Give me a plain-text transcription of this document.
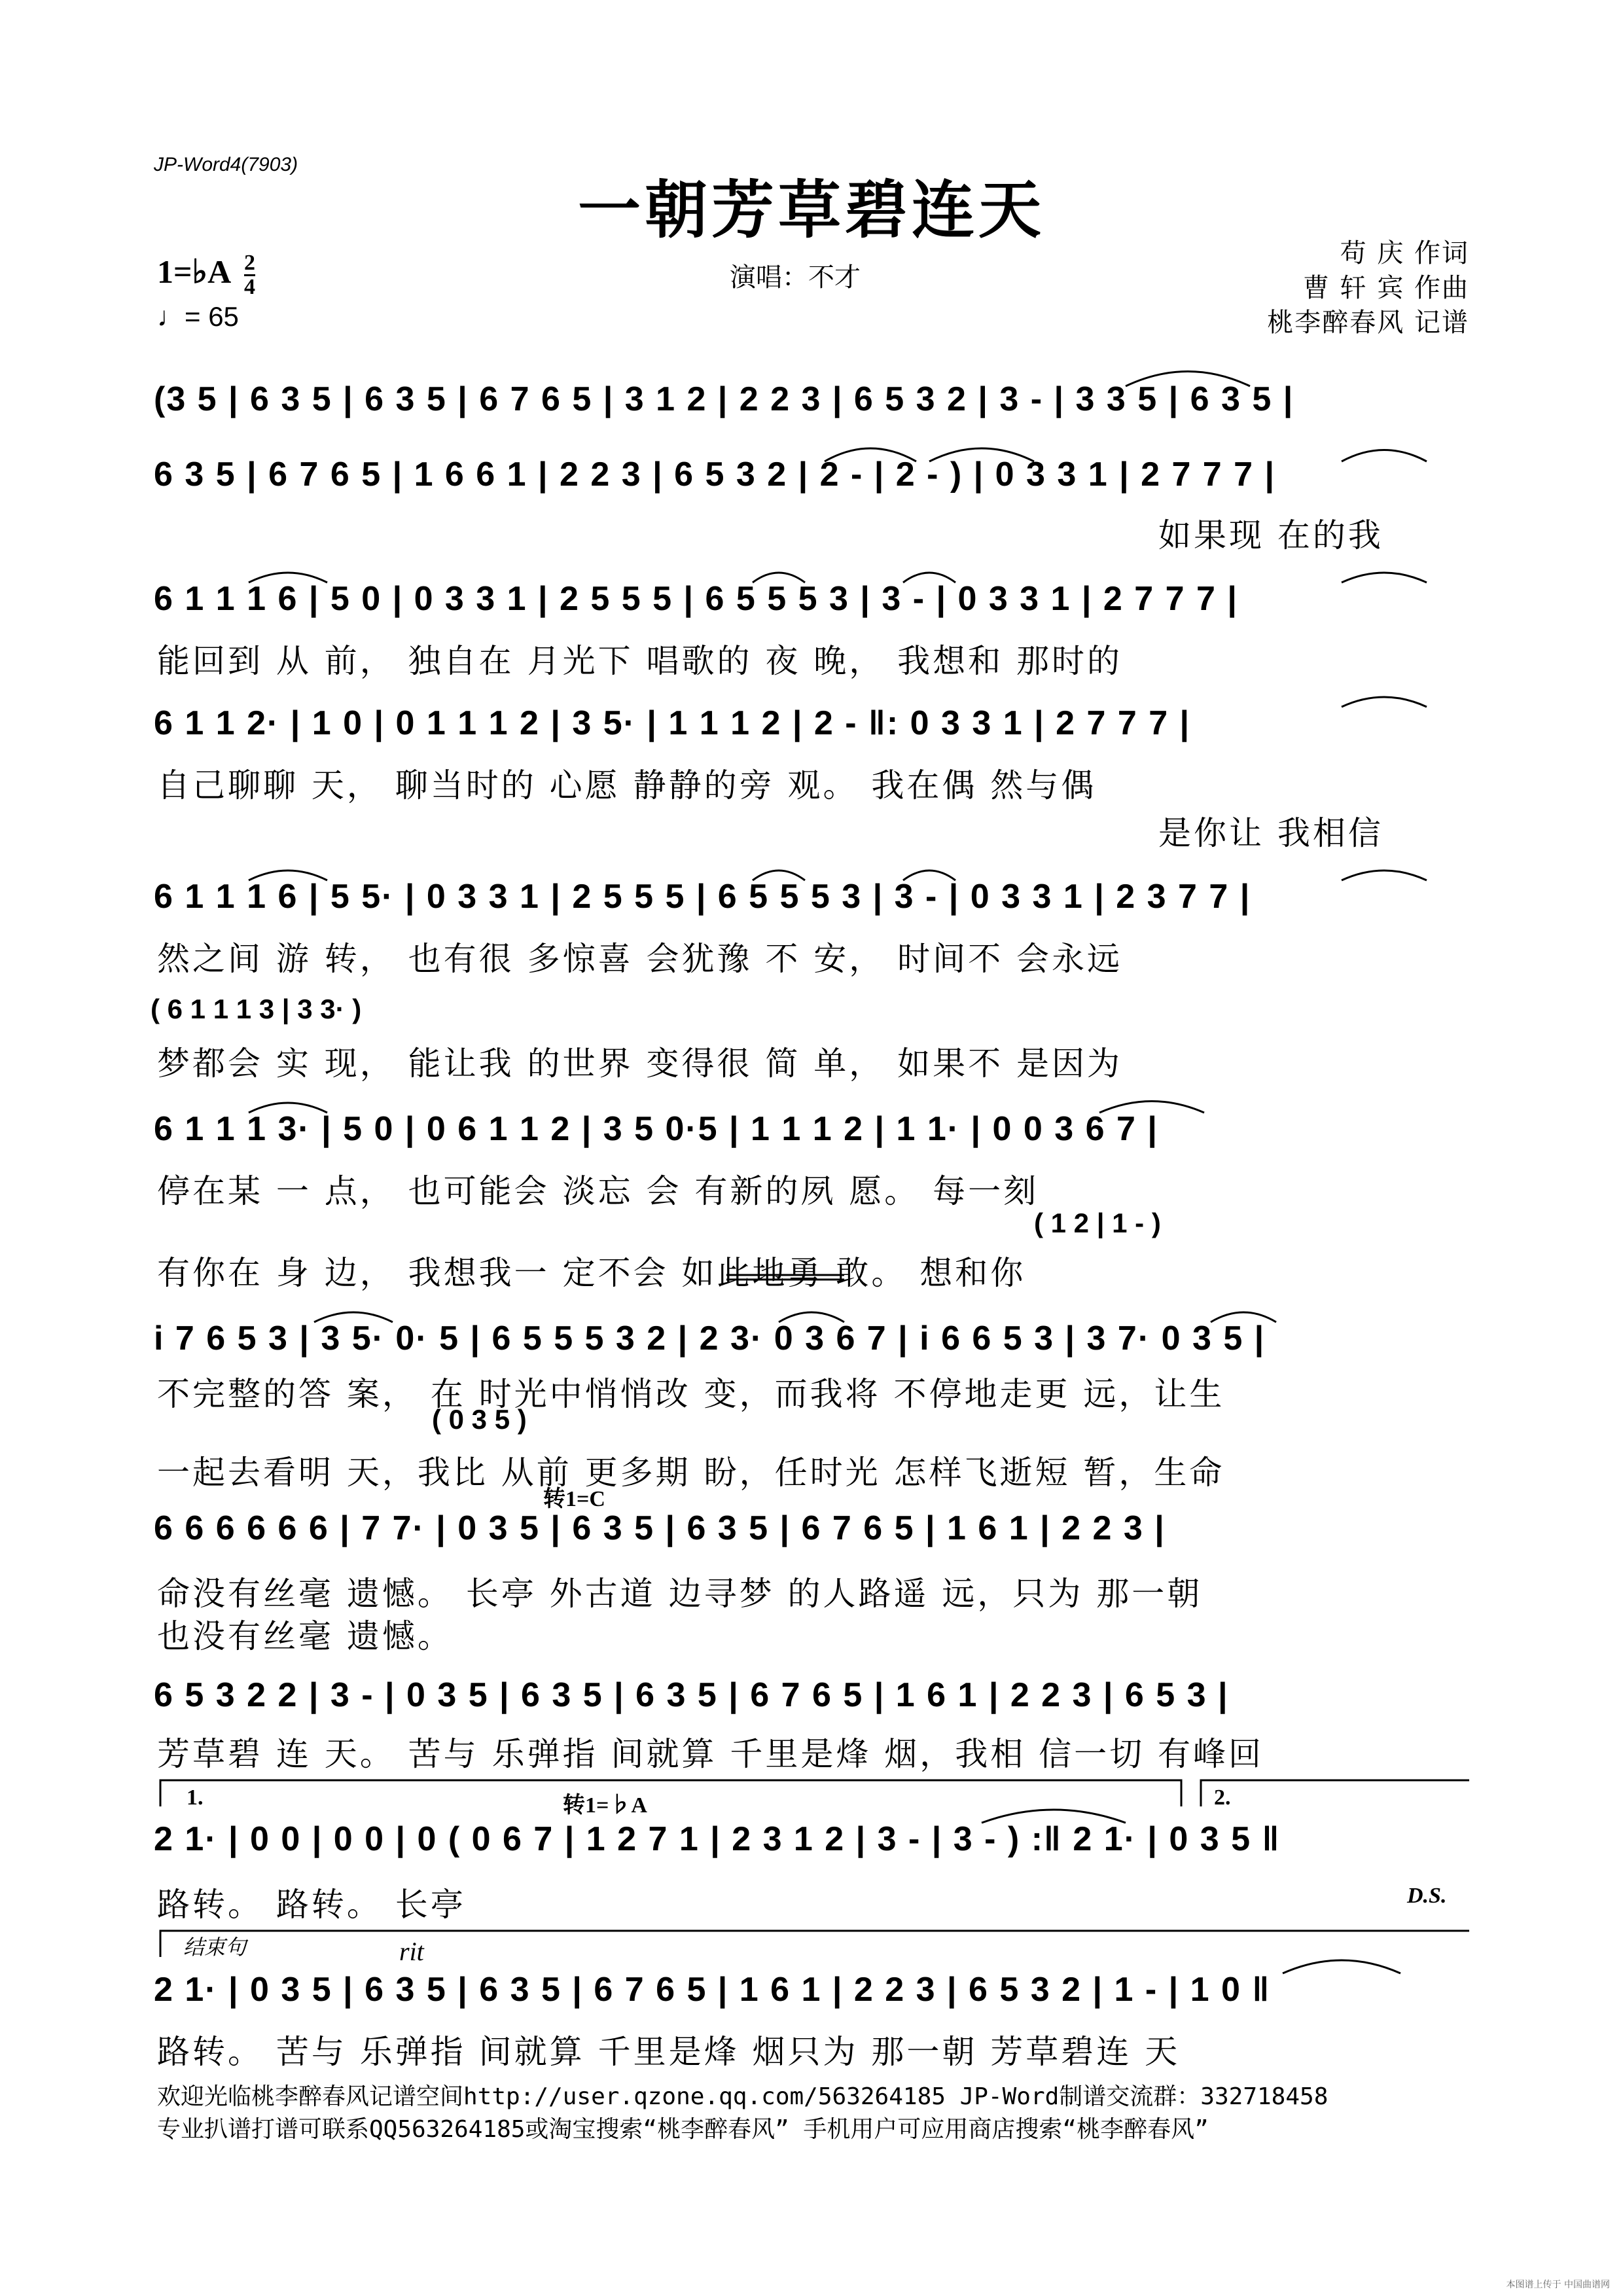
JP-Word4(7903)
一朝芳草碧连天
1=♭A $\frac{2}{4}$
♩= 65
演唱：不才
苟 庆 作词
曹 轩 宾 作曲
桃李醉春风 记谱
(3 5 | 6 3 5 | 6 3 5 | 6 7 6 5 | 3 1 2 | 2 2 3 | 6 5 3 2 | 3 - | 3 3 5 | 6 3 5 |
6 3 5 | 6 7 6 5 | 1 6 6 1 | 2 2 3 | 6 5 3 2 | 2 - | 2 - ) | 0 3 3 1 | 2 7 7 7 |
如果现 在的我
6 1 1 1 6 | 5 0 | 0 3 3 1 | 2 5 5 5 | 6 5 5 5 3 | 3 - | 0 3 3 1 | 2 7 7 7 |
能回到 从 前， 独自在 月光下 唱歌的 夜 晚， 我想和 那时的
6 1 1 2· | 1 0 | 0 1 1 1 2 | 3 5· | 1 1 1 2 | 2 - ‖: 0 3 3 1 | 2 7 7 7 |
自己聊聊 天， 聊当时的 心愿 静静的旁 观。 我在偶 然与偶
是你让 我相信
6 1 1 1 6 | 5 5· | 0 3 3 1 | 2 5 5 5 | 6 5 5 5 3 | 3 - | 0 3 3 1 | 2 3 7 7 |
然之间 游 转， 也有很 多惊喜 会犹豫 不 安， 时间不 会永远
( 6 1 1 1 3 | 3 3· )
梦都会 实 现， 能让我 的世界 变得很 简 单， 如果不 是因为
6 1 1 1 3· | 5 0 | 0 6 1 1 2 | 3 5 0·5 | 1 1 1 2 | 1 1· | 0 0 3 6 7 |
停在某 一 点， 也可能会 淡忘 会 有新的夙 愿。 每一刻
( 1 2 | 1 - )
有你在 身 边， 我想我一 定不会 如此地勇 敢。 想和你
i 7 6 5 3 | 3 5· 0· 5 | 6 5 5 5 3 2 | 2 3· 0 3 6 7 | i 6 6 5 3 | 3 7· 0 3 5 |
不完整的答 案， 在 时光中悄悄改 变，而我将 不停地走更 远，让生
( 0 3 5 )
一起去看明 天，我比 从前 更多期 盼，任时光 怎样飞逝短 暂，生命
转1=C
6 6 6 6 6 6 | 7 7· | 0 3 5 | 6 3 5 | 6 3 5 | 6 7 6 5 | 1 6 1 | 2 2 3 |
命没有丝毫 遗憾。 长亭 外古道 边寻梦 的人路遥 远，只为 那一朝
也没有丝毫 遗憾。
6 5 3 2 2 | 3 - | 0 3 5 | 6 3 5 | 6 3 5 | 6 7 6 5 | 1 6 1 | 2 2 3 | 6 5 3 |
芳草碧 连 天。 苦与 乐弹指 间就算 千里是烽 烟，我相 信一切 有峰回
1.	2.
转1=♭A
2 1· | 0 0 | 0 0 | 0 ( 0 6 7 | 1 2 7 1 | 2 3 1 2 | 3 - | 3 - ) :‖ 2 1· | 0 3 5 ‖
路转。 路转。 长亭	D.S.
结束句	rit
2 1· | 0 3 5 | 6 3 5 | 6 3 5 | 6 7 6 5 | 1 6 1 | 2 2 3 | 6 5 3 2 | 1 - | 1 0 ‖
路转。 苦与 乐弹指 间就算 千里是烽 烟只为 那一朝 芳草碧连 天
欢迎光临桃李醉春风记谱空间http://user.qzone.qq.com/563264185 JP-Word制谱交流群：332718458
专业扒谱打谱可联系QQ563264185或淘宝搜索“桃李醉春风” 手机用户可应用商店搜索“桃李醉春风”
本图谱上传于 中国曲谱网
